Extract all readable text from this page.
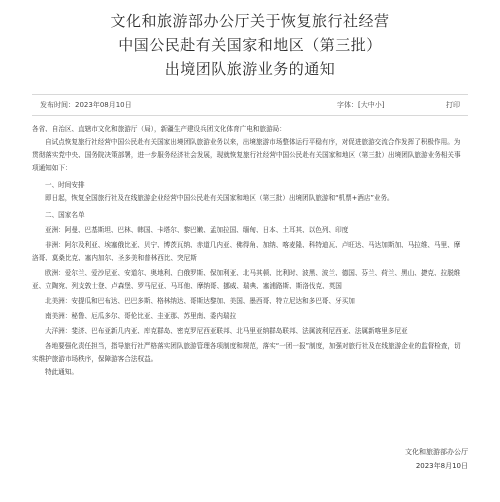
文化和旅游部办公厅关于恢复旅行社经营
中国公民赴有关国家和地区（第三批）
出境团队旅游业务的通知
发布时间：2023年08月10日	字体：[大中小]	打印

各省、自治区、直辖市文化和旅游厅（局），新疆生产建设兵团文化体育广电和旅游局：

自试点恢复旅行社经营中国公民赴有关国家出境团队旅游业务以来，出境旅游市场整体运行平稳有序，对促进旅游交流合作发挥了积极作用。为贯彻落实党中央、国务院决策部署，进一步服务经济社会发展，现就恢复旅行社经营中国公民赴有关国家和地区（第三批）出境团队旅游业务相关事项通知如下：

一、时间安排

即日起，恢复全国旅行社及在线旅游企业经营中国公民赴有关国家和地区（第三批）出境团队旅游和“机票+酒店”业务。

二、国家名单

亚洲：阿曼、巴基斯坦、巴林、韩国、卡塔尔、黎巴嫩、孟加拉国、缅甸、日本、土耳其、以色列、印度

非洲：阿尔及利亚、埃塞俄比亚、贝宁、博茨瓦纳、赤道几内亚、佛得角、加纳、喀麦隆、科特迪瓦、卢旺达、马达加斯加、马拉维、马里、摩洛哥、莫桑比克、塞内加尔、圣多美和普林西比、突尼斯

欧洲：爱尔兰、爱沙尼亚、安道尔、奥地利、白俄罗斯、保加利亚、北马其顿、比利时、波黑、波兰、德国、芬兰、荷兰、黑山、捷克、拉脱维亚、立陶宛、列支敦士登、卢森堡、罗马尼亚、马耳他、摩纳哥、挪威、瑞典、塞浦路斯、斯洛伐克、英国

北美洲：安提瓜和巴布达、巴巴多斯、格林纳达、哥斯达黎加、美国、墨西哥、特立尼达和多巴哥、牙买加

南美洲：秘鲁、厄瓜多尔、哥伦比亚、圭亚那、苏里南、委内瑞拉

大洋洲：斐济、巴布亚新几内亚、库克群岛、密克罗尼西亚联邦、北马里亚纳群岛联邦、法属波利尼西亚、法属新喀里多尼亚

各地要强化责任担当，指导旅行社严格落实团队旅游管理各项制度和规范，落实“一团一报”制度，加强对旅行社及在线旅游企业的监督检查，切实维护旅游市场秩序，保障游客合法权益。

特此通知。

文化和旅游部办公厅
2023年8月10日
